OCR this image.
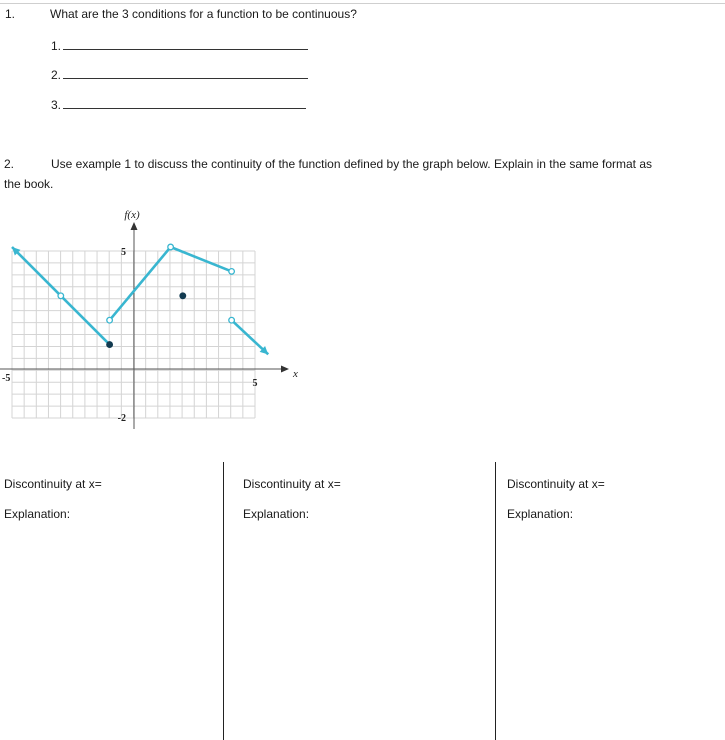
1.	What are the 3 conditions for a function to be continuous?
1.
2.
3.
2.	Use example 1 to discuss the continuity of the function defined by the graph below. Explain in the same format as
the book.
f(x)
x
5
-2
-5	5
Discontinuity at x=
Explanation:
Discontinuity at x=
Explanation:
Discontinuity at x=
Explanation:
